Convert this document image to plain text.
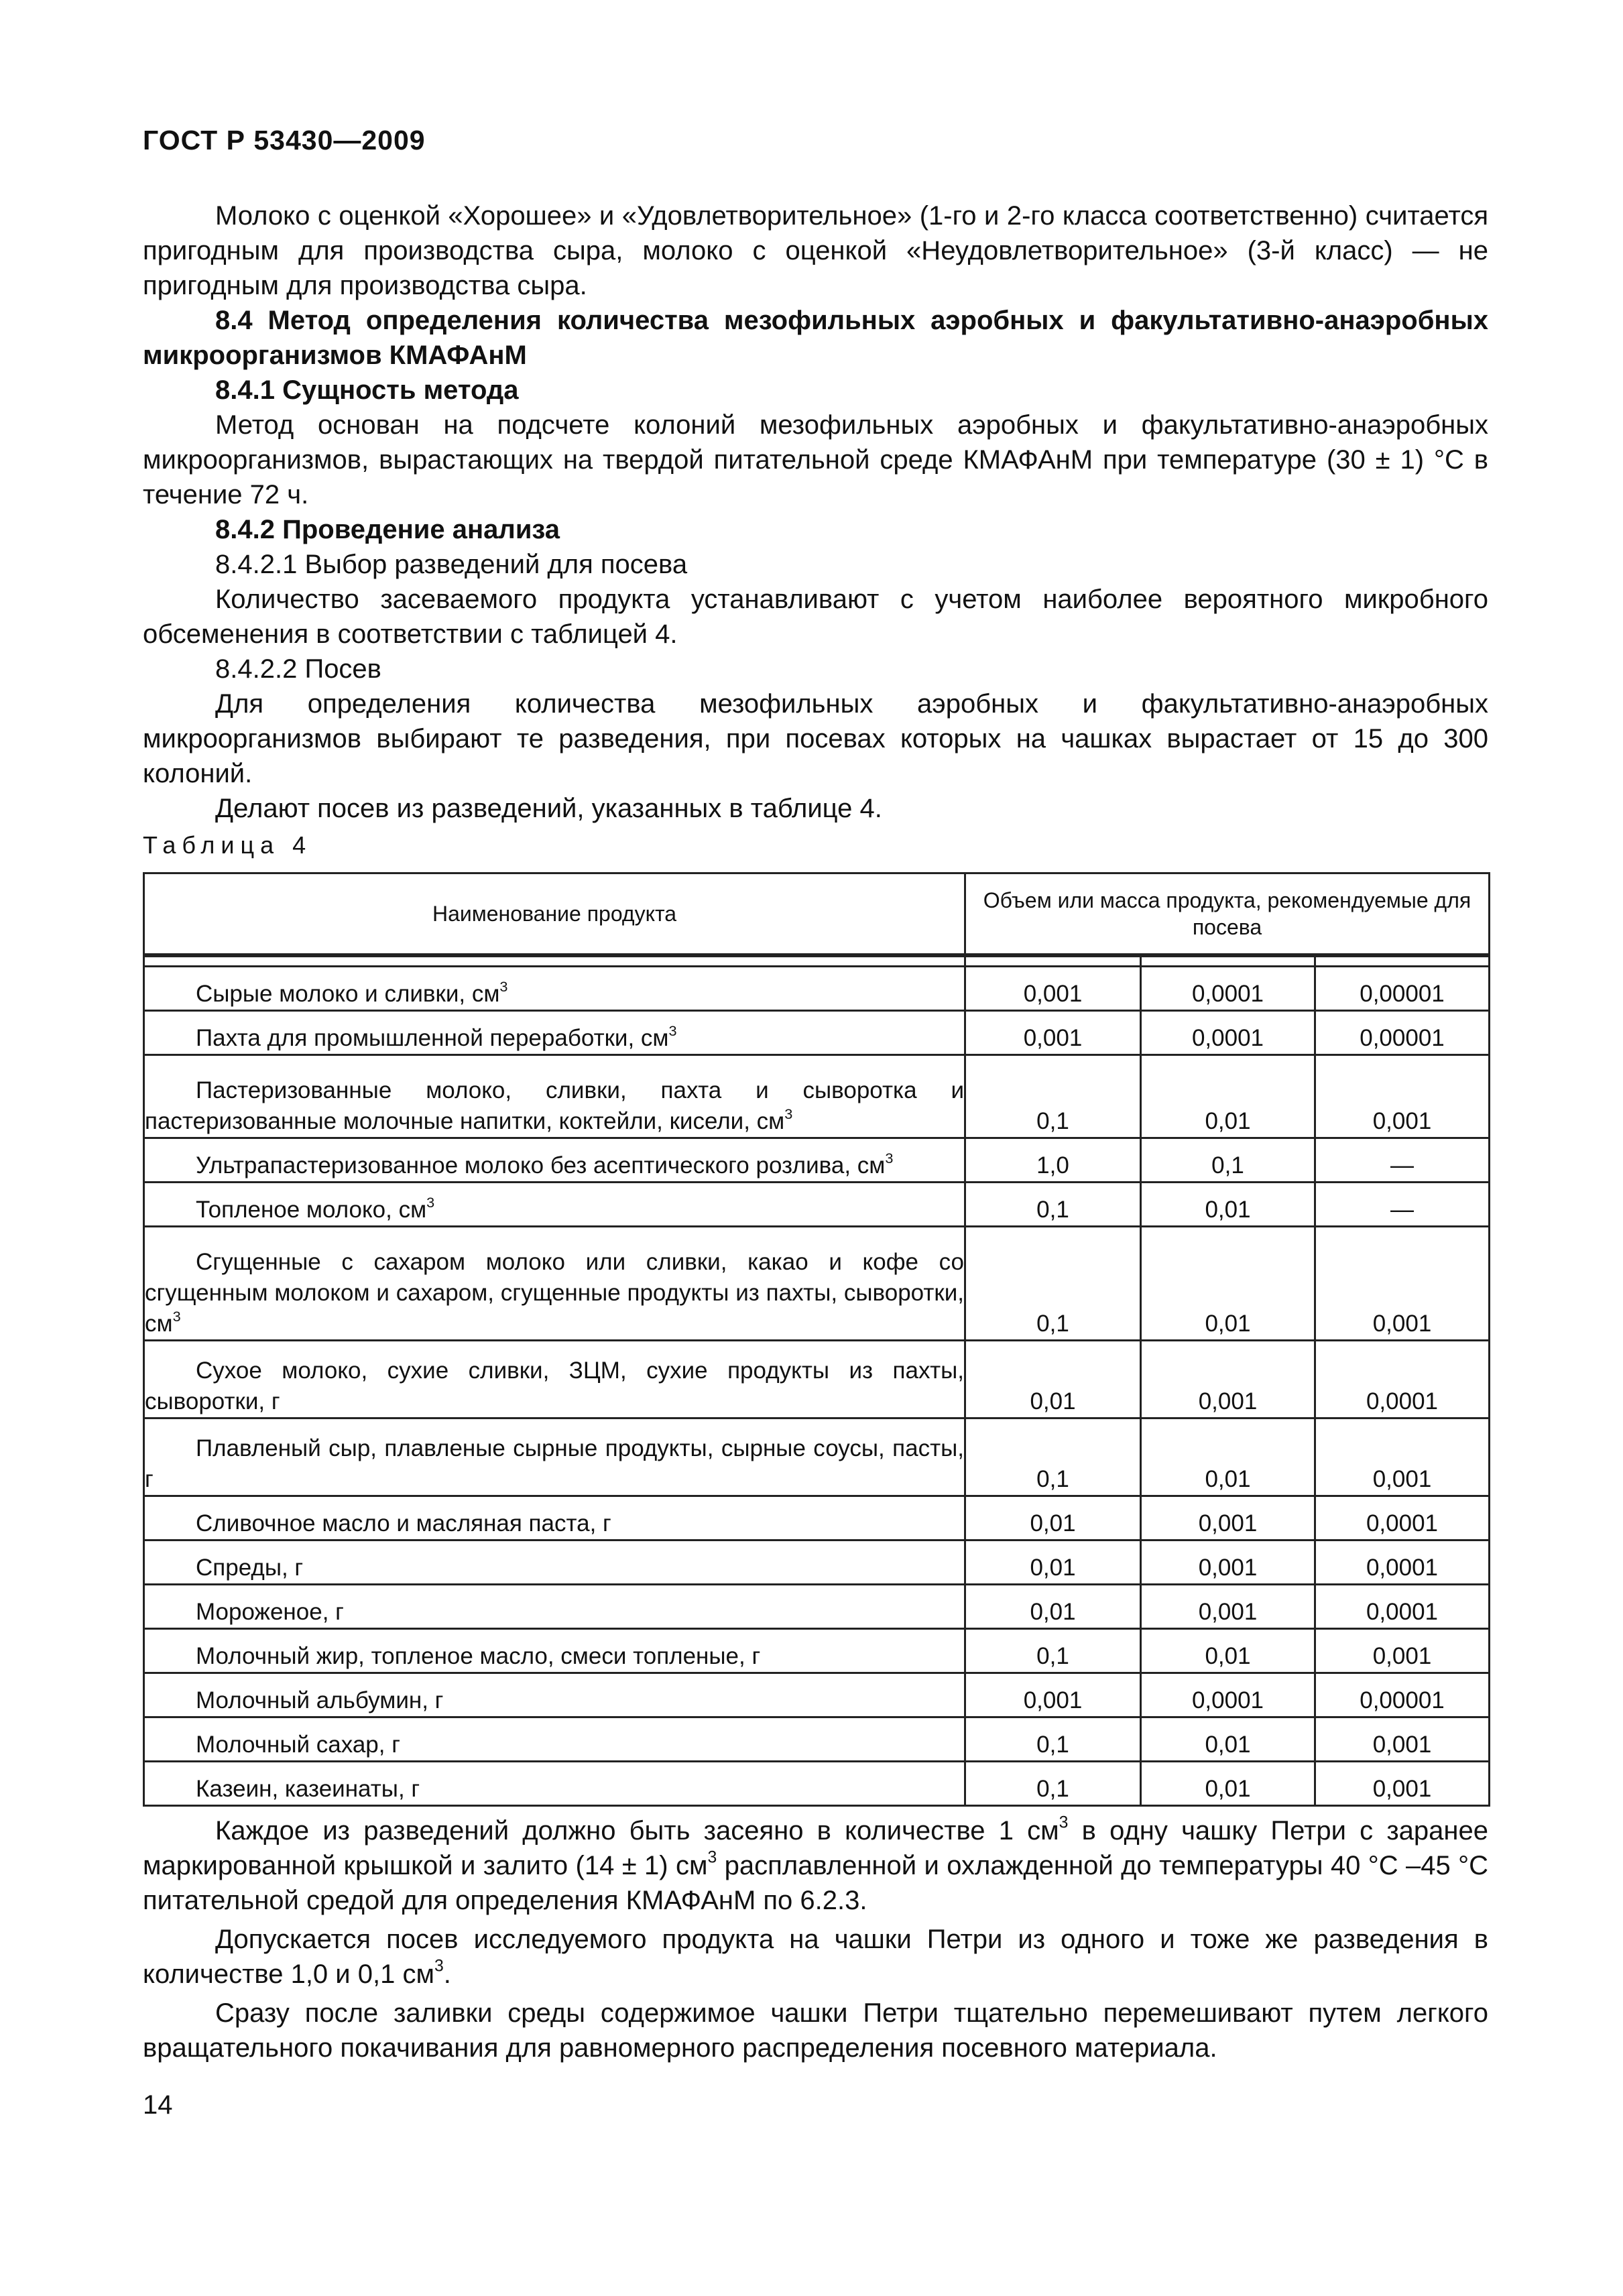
ГОСТ Р 53430—2009

Молоко с оценкой «Хорошее» и «Удовлетворительное» (1-го и 2-го класса соответственно) считается пригодным для производства сыра, молоко с оценкой «Неудовлетворительное» (3-й класс) — не пригодным для производства сыра.

8.4 Метод определения количества мезофильных аэробных и факультативно-анаэробных микроорганизмов КМАФАнМ

8.4.1 Сущность метода

Метод основан на подсчете колоний мезофильных аэробных и факультативно-анаэробных микроорганизмов, вырастающих на твердой питательной среде КМАФАнМ при температуре (30 ± 1) °С в течение 72 ч.

8.4.2 Проведение анализа

8.4.2.1 Выбор разведений для посева

Количество засеваемого продукта устанавливают с учетом наиболее вероятного микробного обсеменения в соответствии с таблицей 4.

8.4.2.2 Посев

Для определения количества мезофильных аэробных и факультативно-анаэробных микроорганизмов выбирают те разведения, при посевах которых на чашках вырастает от 15 до 300 колоний.

Делают посев из разведений, указанных в таблице 4.

Таблица 4
Наименование продукта	Объем или масса продукта, рекомендуемые для посева		

Сырые молоко и сливки, $см^3$	0,001	0,0001	0,00001
Пахта для промышленной переработки, $см^3$	0,001	0,0001	0,00001
Пастеризованные молоко, сливки, пахта и сыворотка и пастеризованные молочные напитки, коктейли, кисели, $см^3$	0,1	0,01	0,001
Ультрапастеризованное молоко без асептического розлива, $см^3$	1,0	0,1	—
Топленое молоко, $см^3$	0,1	0,01	—
Сгущенные с сахаром молоко или сливки, какао и кофе со сгущенным молоком и сахаром, сгущенные продукты из пахты, сыворотки, $см^3$	0,1	0,01	0,001
Сухое молоко, сухие сливки, ЗЦМ, сухие продукты из пахты, сыворотки, г	0,01	0,001	0,0001
Плавленый сыр, плавленые сырные продукты, сырные соусы, пасты, г	0,1	0,01	0,001
Сливочное масло и масляная паста, г	0,01	0,001	0,0001
Спреды, г	0,01	0,001	0,0001
Мороженое, г	0,01	0,001	0,0001
Молочный жир, топленое масло, смеси топленые, г	0,1	0,01	0,001
Молочный альбумин, г	0,001	0,0001	0,00001
Молочный сахар, г	0,1	0,01	0,001
Казеин, казеинаты, г	0,1	0,01	0,001

Каждое из разведений должно быть засеяно в количестве 1 $см^3$ в одну чашку Петри с заранее маркированной крышкой и залито (14 ± 1) $см^3$ расплавленной и охлажденной до температуры 40 °С –45 °С питательной средой для определения КМАФАнМ по 6.2.3.

Допускается посев исследуемого продукта на чашки Петри из одного и тоже же разведения в количестве 1,0 и 0,1 $см^3$.

Сразу после заливки среды содержимое чашки Петри тщательно перемешивают путем легкого вращательного покачивания для равномерного распределения посевного материала.

14
